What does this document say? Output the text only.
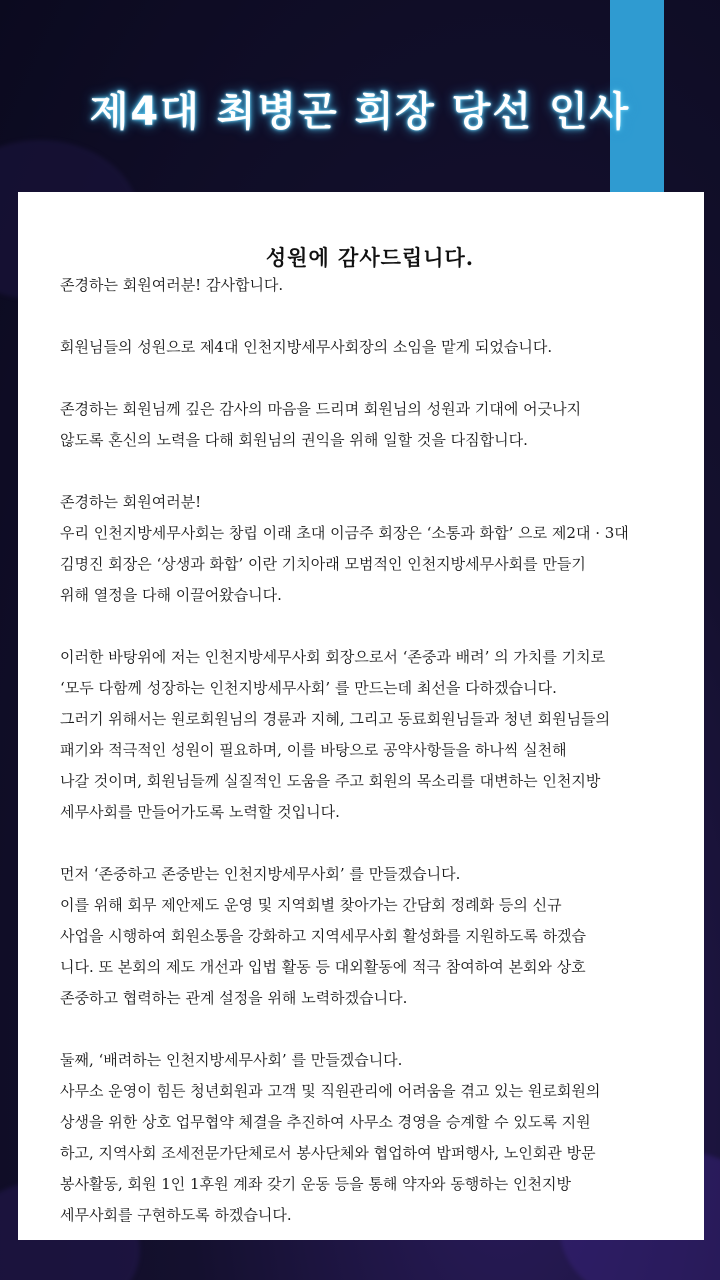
제4대 최병곤 회장 당선 인사
성원에 감사드립니다.

존경하는 회원여러분! 감사합니다.

회원님들의 성원으로 제4대 인천지방세무사회장의 소임을 맡게 되었습니다.

존경하는 회원님께 깊은 감사의 마음을 드리며 회원님의 성원과 기대에 어긋나지
않도록 혼신의 노력을 다해 회원님의 권익을 위해 일할 것을 다짐합니다.

존경하는 회원여러분!
우리 인천지방세무사회는 창립 이래 초대 이금주 회장은 ‘소통과 화합’ 으로 제2대 · 3대
김명진 회장은 ‘상생과 화합’ 이란 기치아래 모범적인 인천지방세무사회를 만들기
위해 열정을 다해 이끌어왔습니다.

이러한 바탕위에 저는 인천지방세무사회 회장으로서 ‘존중과 배려’ 의 가치를 기치로
‘모두 다함께 성장하는 인천지방세무사회’ 를 만드는데 최선을 다하겠습니다.
그러기 위해서는 원로회원님의 경륜과 지혜, 그리고 동료회원님들과 청년 회원님들의
패기와 적극적인 성원이 필요하며, 이를 바탕으로 공약사항들을 하나씩 실천해
나갈 것이며, 회원님들께 실질적인 도움을 주고 회원의 목소리를 대변하는 인천지방
세무사회를 만들어가도록 노력할 것입니다.

먼저 ‘존중하고 존중받는 인천지방세무사회’ 를 만들겠습니다.
이를 위해 회무 제안제도 운영 및 지역회별 찾아가는 간담회 정례화 등의 신규
사업을 시행하여 회원소통을 강화하고 지역세무사회 활성화를 지원하도록 하겠습
니다. 또 본회의 제도 개선과 입법 활동 등 대외활동에 적극 참여하여 본회와 상호
존중하고 협력하는 관계 설정을 위해 노력하겠습니다.

둘째, ‘배려하는 인천지방세무사회’ 를 만들겠습니다.
사무소 운영이 힘든 청년회원과 고객 및 직원관리에 어려움을 겪고 있는 원로회원의
상생을 위한 상호 업무협약 체결을 추진하여 사무소 경영을 승계할 수 있도록 지원
하고, 지역사회 조세전문가단체로서 봉사단체와 협업하여 밥퍼행사, 노인회관 방문
봉사활동, 회원 1인 1후원 계좌 갖기 운동 등을 통해 약자와 동행하는 인천지방
세무사회를 구현하도록 하겠습니다.
